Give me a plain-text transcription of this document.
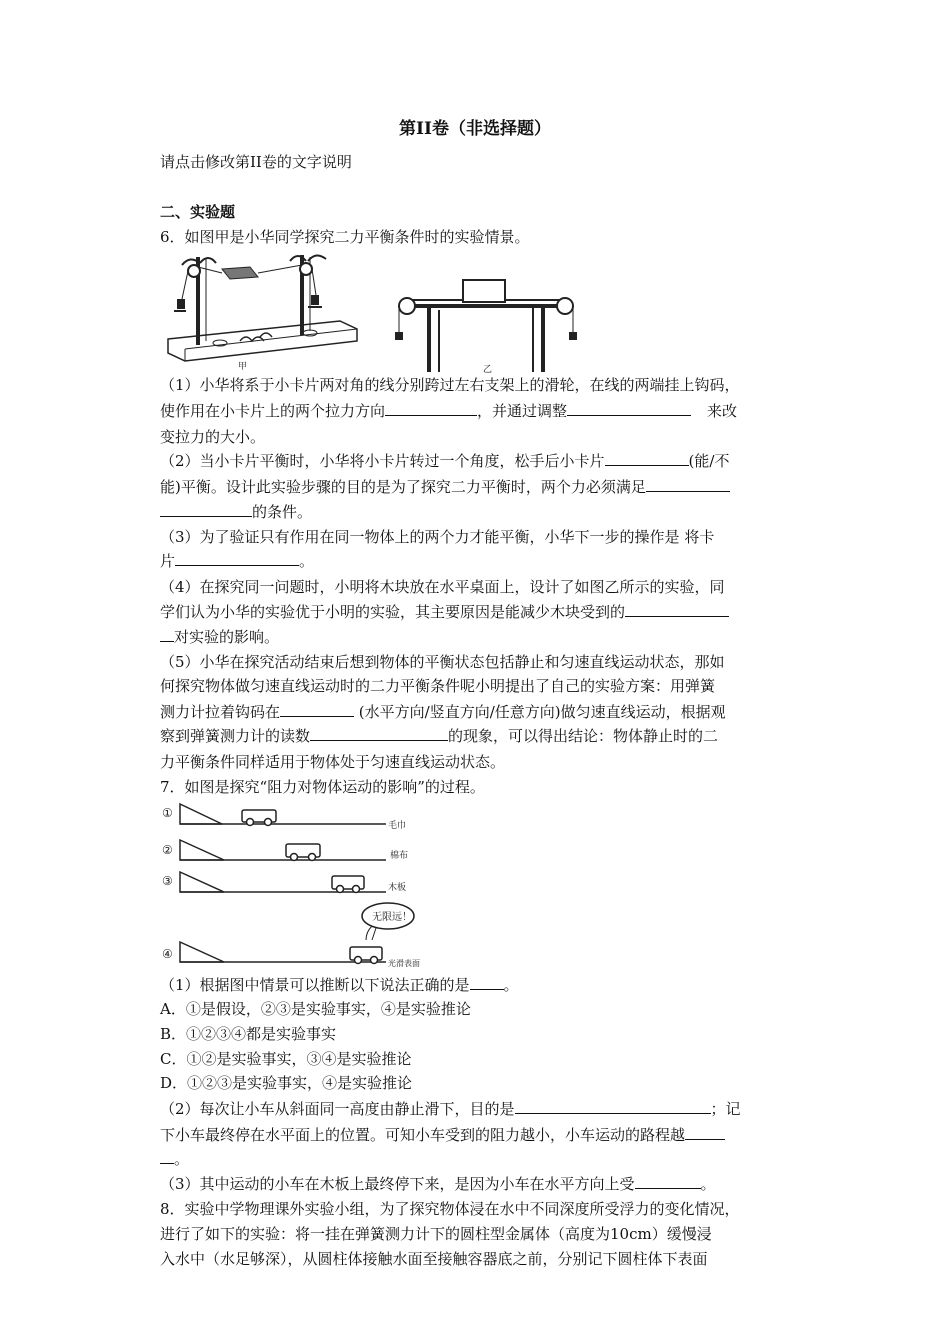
第II卷（非选择题）
请点击修改第II卷的文字说明
二、实验题
6．如图甲是小华同学探究二力平衡条件时的实验情景。
甲	乙
（1）小华将系于小卡片两对角的线分别跨过左右支架上的滑轮，在线的两端挂上钩码，
使作用在小卡片上的两个拉力方向	，并通过调整	来改
变拉力的大小。
（2）当小卡片平衡时，小华将小卡片转过一个角度，松手后小卡片	(能/不
能)平衡。设计此实验步骤的目的是为了探究二力平衡时，两个力必须满足
的条件。
（3）为了验证只有作用在同一物体上的两个力才能平衡，小华下一步的操作是 将卡
片	。
（4）在探究同一问题时，小明将木块放在水平桌面上，设计了如图乙所示的实验，同
学们认为小华的实验优于小明的实验，其主要原因是能减少木块受到的
对实验的影响。
（5）小华在探究活动结束后想到物体的平衡状态包括静止和匀速直线运动状态，那如
何探究物体做匀速直线运动时的二力平衡条件呢小明提出了自己的实验方案：用弹簧
测力计拉着钩码在	(水平方向/竖直方向/任意方向)做匀速直线运动，根据观
察到弹簧测力计的读数	的现象，可以得出结论：物体静止时的二
力平衡条件同样适用于物体处于匀速直线运动状态。
7．如图是探究“阻力对物体运动的影响”的过程。
①
毛巾
②	棉布
③	木板
④
无限远！
光滑表面
（1）根据图中情景可以推断以下说法正确的是 。
A．①是假设，②③是实验事实，④是实验推论
B．①②③④都是实验事实
C．①②是实验事实，③④是实验推论
D．①②③是实验事实，④是实验推论
（2）每次让小车从斜面同一高度由静止滑下，目的是	；记
下小车最终停在水平面上的位置。可知小车受到的阻力越小，小车运动的路程越
。
（3）其中运动的小车在木板上最终停下来，是因为小车在水平方向上受	。
8．实验中学物理课外实验小组，为了探究物体浸在水中不同深度所受浮力的变化情况，
进行了如下的实验：将一挂在弹簧测力计下的圆柱型金属体（高度为10cm）缓慢浸
入水中（水足够深），从圆柱体接触水面至接触容器底之前，分别记下圆柱体下表面
